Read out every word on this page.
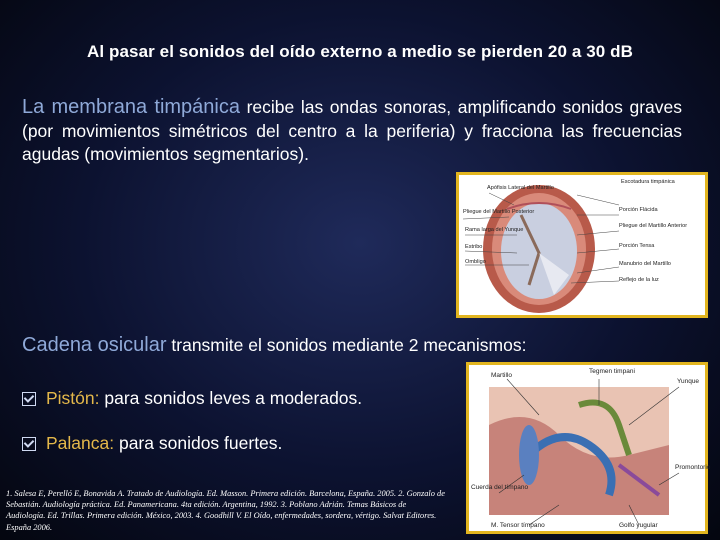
Al pasar el sonidos del oído externo a medio se pierden 20 a 30 dB
La membrana timpánica recibe las ondas sonoras, amplificando sonidos graves (por movimientos simétricos del centro a la periferia) y fracciona las frecuencias agudas (movimientos segmentarios).
Escotadura timpánica
Apófisis Lateral del Martillo
Pliegue del Martillo Posterior
Rama larga del Yunque
Estribo
Ombligo
Porción Flácida
Pliegue del Martillo Anterior
Porción Tensa
Manubrio del Martillo
Reflejo de la luz
Cadena osicular transmite el sonidos mediante 2 mecanismos:
Pistón: para sonidos leves a moderados.
Palanca: para sonidos fuertes.
Martillo
Tegmen timpani
Yunque
Cuerda del tímpano
Promontorio
M. Tensor tímpano	Golfo yugular
1. Salesa E, Perelló E, Bonavida A. Tratado de Audiología. Ed. Masson. Primera edición. Barcelona, España. 2005. 2. Gonzalo de Sebastián. Audiología práctica. Ed. Panamericana. 4ta edición. Argentina, 1992. 3. Poblano Adrián. Temas Básicos de Audiología. Ed. Trillas. Primera edición. México, 2003. 4. Goodhill V. El Oído, enfermedades, sordera, vértigo. Salvat Editores. España 2006.
